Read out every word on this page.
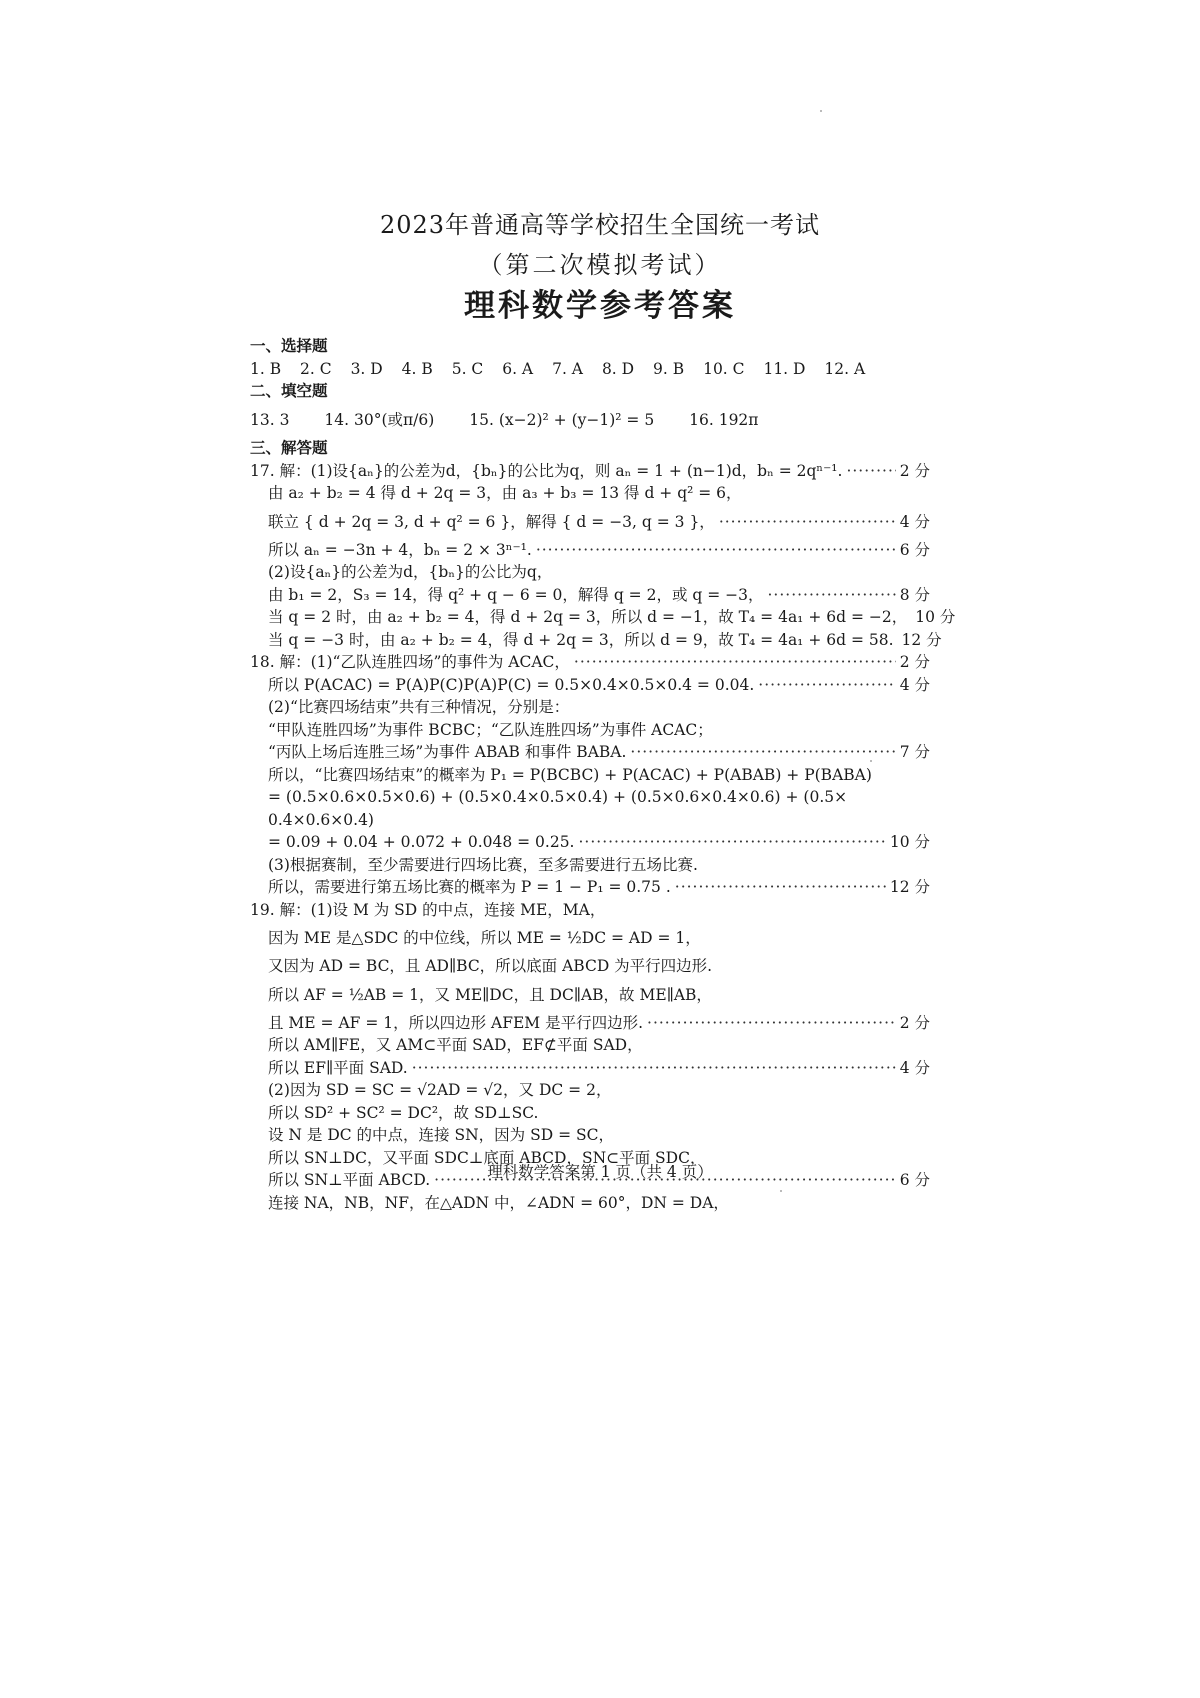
2023年普通高等学校招生全国统一考试
（第二次模拟考试）
理科数学参考答案
一、选择题
1. B 2. C 3. D 4. B 5. C 6. A 7. A 8. D 9. B 10. C 11. D 12. A
二、填空题
13. 3 14. 30°(或π/6) 15. (x−2)² + (y−1)² = 5 16. 192π
三、解答题
17. 解：(1)设{aₙ}的公差为d，{bₙ}的公比为q，则 aₙ = 1 + (n−1)d，bₙ = 2qⁿ⁻¹. ·····	2 分
由 a₂ + b₂ = 4 得 d + 2q = 3，由 a₃ + b₃ = 13 得 d + q² = 6，
联立 { d + 2q = 3, d + q² = 6 }，解得 { d = −3, q = 3 }， ·····	4 分
所以 aₙ = −3n + 4，bₙ = 2 × 3ⁿ⁻¹. ·····	6 分
(2)设{aₙ}的公差为d，{bₙ}的公比为q，
由 b₁ = 2，S₃ = 14，得 q² + q − 6 = 0，解得 q = 2，或 q = −3， ·····	8 分
当 q = 2 时，由 a₂ + b₂ = 4，得 d + 2q = 3，所以 d = −1，故 T₄ = 4a₁ + 6d = −2， 10 分
当 q = −3 时，由 a₂ + b₂ = 4，得 d + 2q = 3，所以 d = 9，故 T₄ = 4a₁ + 6d = 58. 12 分
18. 解：(1)“乙队连胜四场”的事件为 ACAC， ·····	2 分
所以 P(ACAC) = P(A)P(C)P(A)P(C) = 0.5×0.4×0.5×0.4 = 0.04. ·····	4 分
(2)“比赛四场结束”共有三种情况，分别是：
“甲队连胜四场”为事件 BCBC；“乙队连胜四场”为事件 ACAC；
“丙队上场后连胜三场”为事件 ABAB 和事件 BABA. ·····	7 分
所以，“比赛四场结束”的概率为 P₁ = P(BCBC) + P(ACAC) + P(ABAB) + P(BABA)
= (0.5×0.6×0.5×0.6) + (0.5×0.4×0.5×0.4) + (0.5×0.6×0.4×0.6) + (0.5×
0.4×0.6×0.4)
= 0.09 + 0.04 + 0.072 + 0.048 = 0.25. ·····	10 分
(3)根据赛制，至少需要进行四场比赛，至多需要进行五场比赛.
所以，需要进行第五场比赛的概率为 P = 1 − P₁ = 0.75 . ·····	12 分
19. 解：(1)设 M 为 SD 的中点，连接 ME，MA，
因为 ME 是△SDC 的中位线，所以 ME = ½DC = AD = 1，
又因为 AD = BC，且 AD∥BC，所以底面 ABCD 为平行四边形.
所以 AF = ½AB = 1，又 ME∥DC，且 DC∥AB，故 ME∥AB，
且 ME = AF = 1，所以四边形 AFEM 是平行四边形. ·····	2 分
所以 AM∥FE，又 AM⊂平面 SAD，EF⊄平面 SAD，
所以 EF∥平面 SAD. ·····	4 分
(2)因为 SD = SC = √2AD = √2，又 DC = 2，
所以 SD² + SC² = DC²，故 SD⊥SC.
设 N 是 DC 的中点，连接 SN，因为 SD = SC，
所以 SN⊥DC，又平面 SDC⊥底面 ABCD，SN⊂平面 SDC，
所以 SN⊥平面 ABCD. ·····	6 分
连接 NA，NB，NF，在△ADN 中，∠ADN = 60°，DN = DA，
理科数学答案第 1 页（共 4 页）
